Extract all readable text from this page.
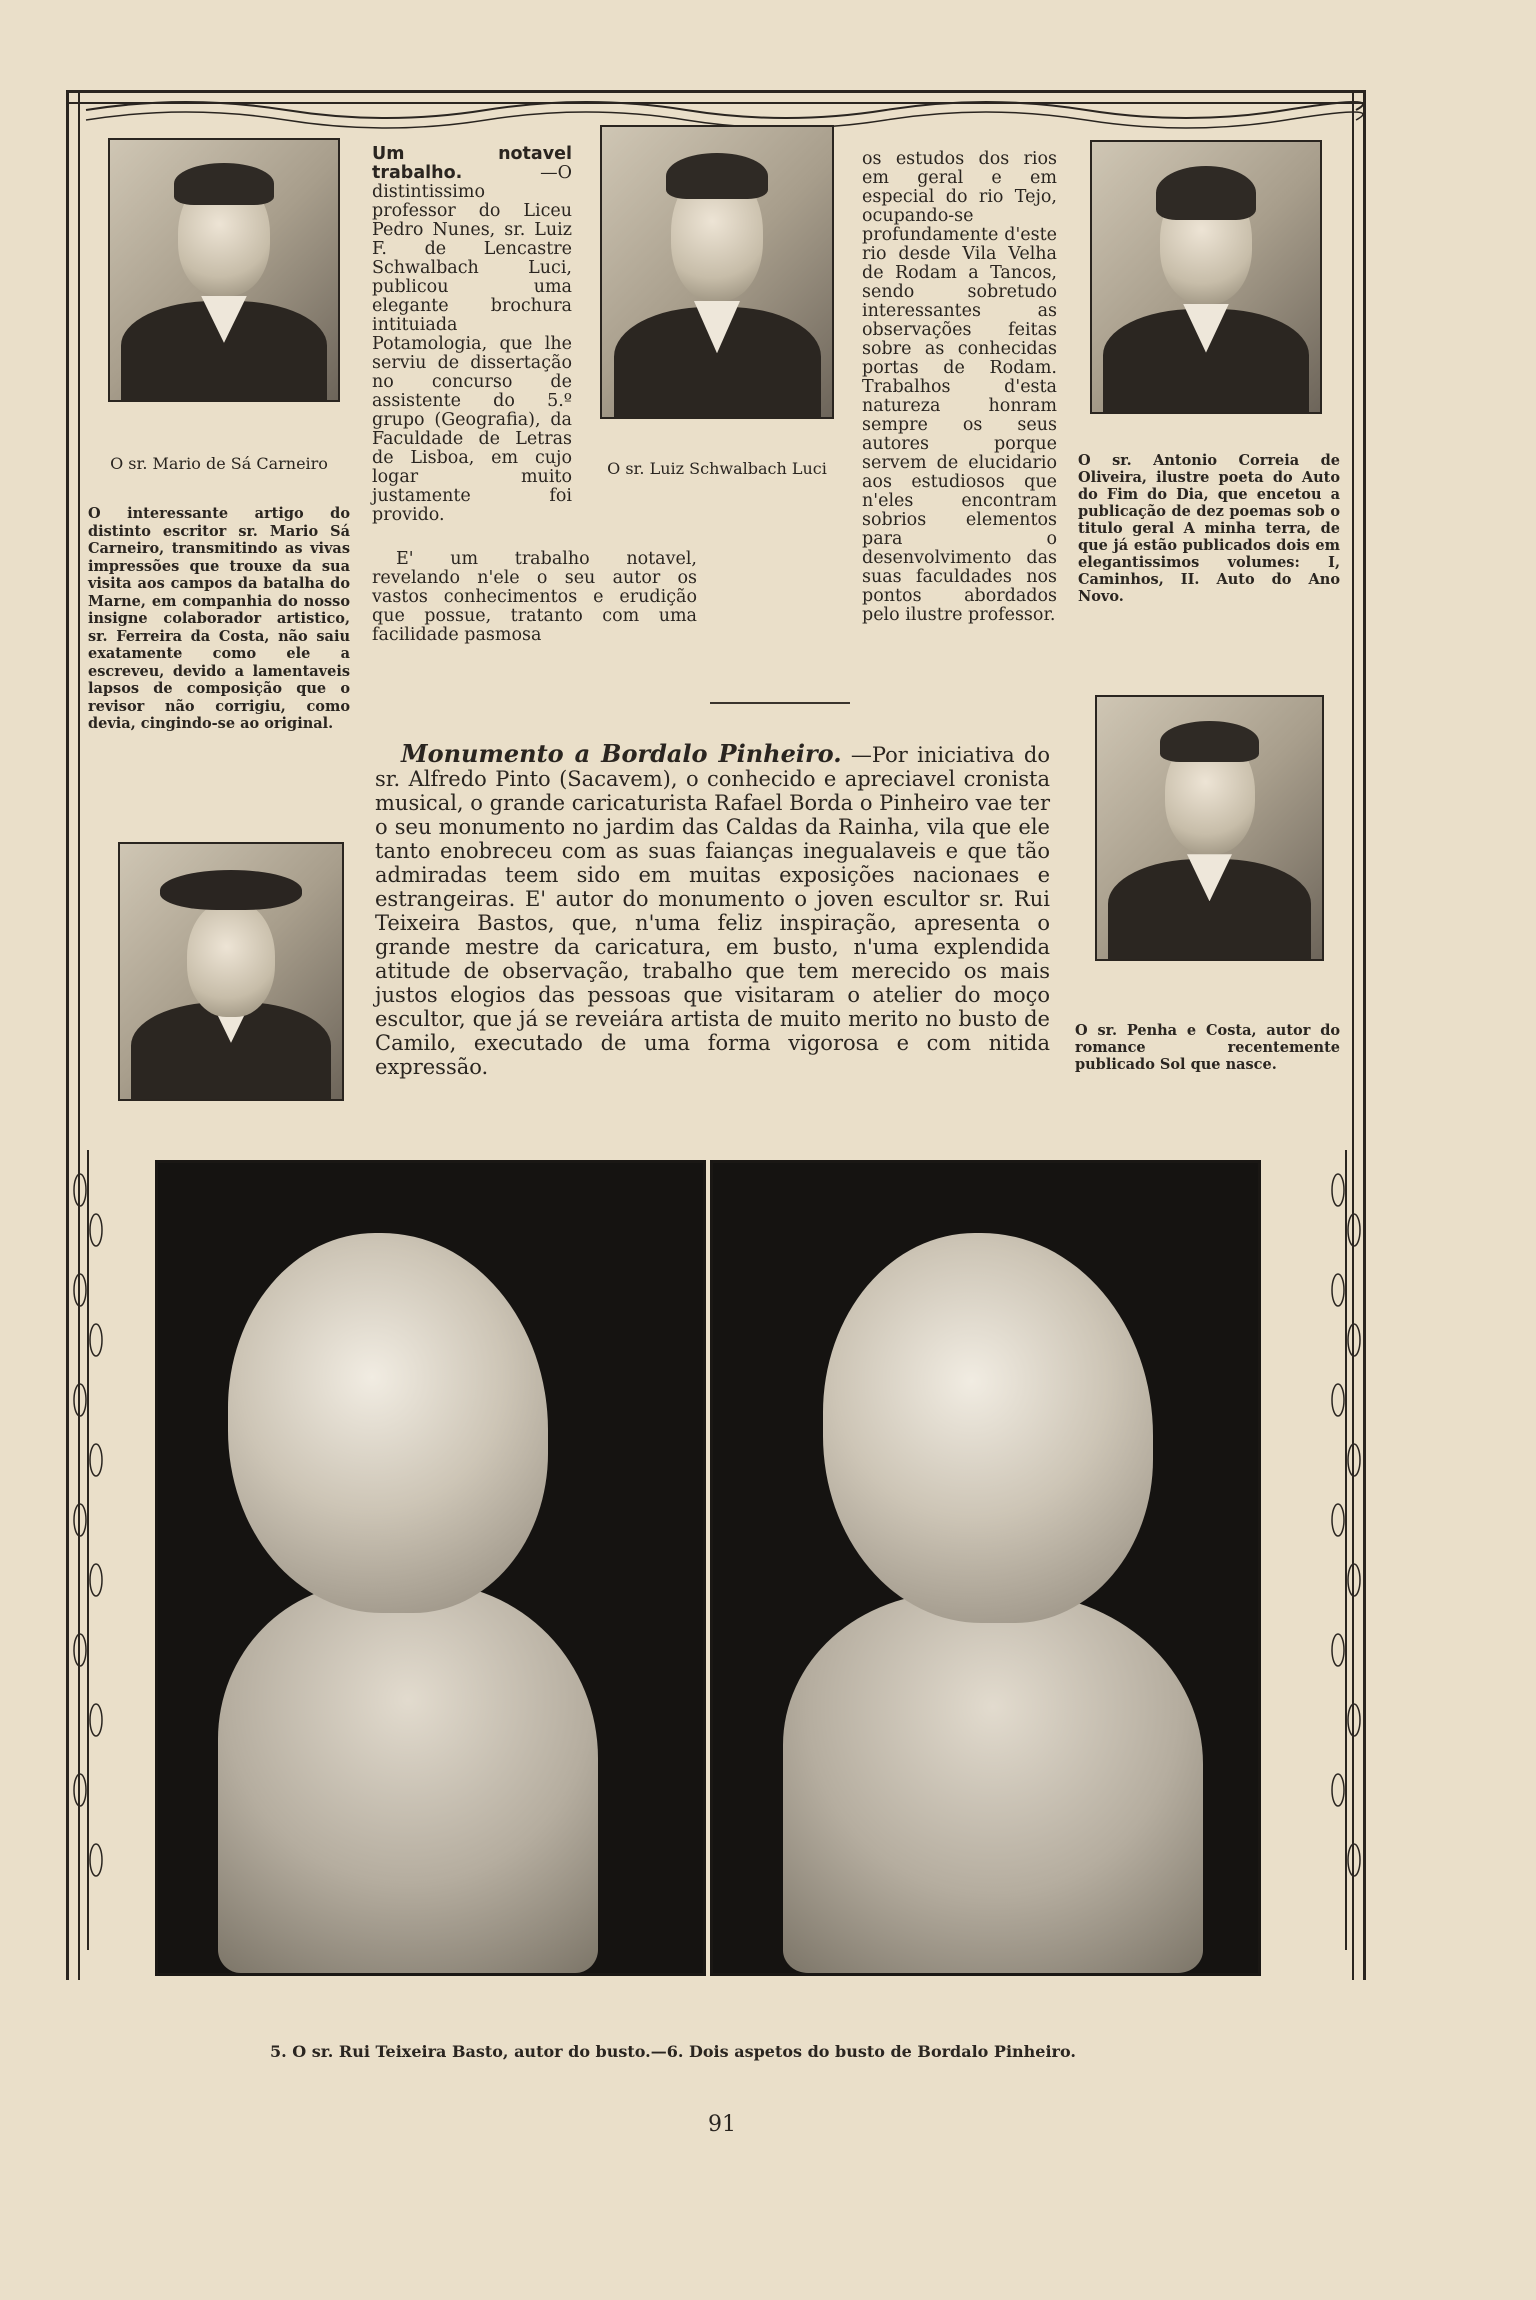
O sr. Mario de Sá Carneiro
O interessante artigo do distinto escritor sr. Mario Sá Carneiro, transmitindo as vivas impressões que trouxe da sua visita aos campos da batalha do Marne, em companhia do nosso insigne colaborador artistico, sr. Ferreira da Costa, não saiu exatamente como ele a escreveu, devido a lamentaveis lapsos de composição que o revisor não corrigiu, como devia, cingindo-se ao original.
Um notavel trabalho.	—O distintissimo professor do Liceu Pedro Nunes, sr. Luiz F. de Lencastre Schwalbach Luci, publicou uma elegante brochura intituiada Potamologia, que lhe serviu de dissertação no concurso de assistente do 5.º grupo (Geografia), da Faculdade de Letras de Lisboa, em cujo logar muito justamente foi provido.
E' um trabalho notavel, revelando n'ele o seu autor os vastos conhecimentos e erudição que possue, tratanto com uma facilidade pasmosa
O sr. Luiz Schwalbach Luci
os estudos dos rios em geral e em especial do rio Tejo, ocupando-se profundamente d'este rio desde Vila Velha de Rodam a Tancos, sendo sobretudo interessantes as observações feitas sobre as conhecidas portas de Rodam. Trabalhos d'esta natureza honram sempre os seus autores porque servem de elucidario aos estudiosos que n'eles encontram sobrios elementos para o desenvolvimento das suas faculdades nos pontos abordados pelo ilustre professor.
O sr. Antonio Correia de Oliveira, ilustre poeta do Auto do Fim do Dia, que encetou a publicação de dez poemas sob o titulo geral A minha terra, de que já estão publicados dois em elegantissimos volumes: I, Caminhos, II. Auto do Ano Novo.
O sr. Penha e Costa, autor do romance recentemente publicado Sol que nasce.
Monumento a Bordalo Pinheiro. —Por iniciativa do sr. Alfredo Pinto (Sacavem), o conhecido e apreciavel cronista musical, o grande caricaturista Rafael Borda o Pinheiro vae ter o seu monumento no jardim das Caldas da Rainha, vila que ele tanto enobreceu com as suas faianças inegualaveis e que tão admiradas teem sido em muitas exposições nacionaes e estrangeiras. E' autor do monumento o joven escultor sr. Rui Teixeira Bastos, que, n'uma feliz inspiração, apresenta o grande mestre da caricatura, em busto, n'uma explendida atitude de observação, trabalho que tem merecido os mais justos elogios das pessoas que visitaram o atelier do moço escultor, que já se reveiára artista de muito merito no busto de Camilo, executado de uma forma vigorosa e com nitida expressão.
5. O sr. Rui Teixeira Basto, autor do busto.—6. Dois aspetos do busto de Bordalo Pinheiro.
91
